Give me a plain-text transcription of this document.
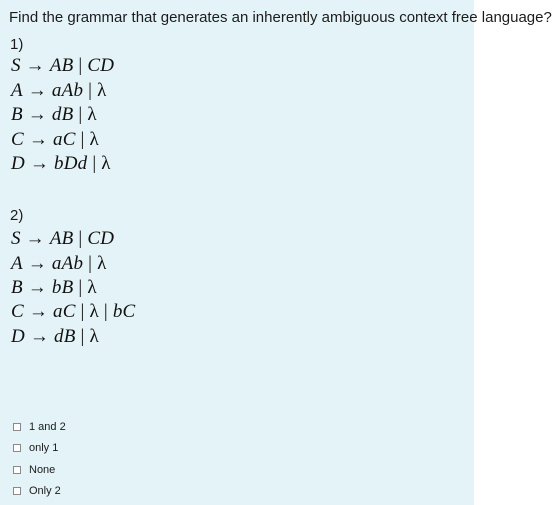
Find the grammar that generates an inherently ambiguous context free language?
1)
S → AB | CD
A → aAb | λ
B → dB | λ
C → aC | λ
D → bDd | λ
2)
S → AB | CD
A → aAb | λ
B → bB | λ
C → aC | λ | bC
D → dB | λ
1 and 2
only 1
None
Only 2
